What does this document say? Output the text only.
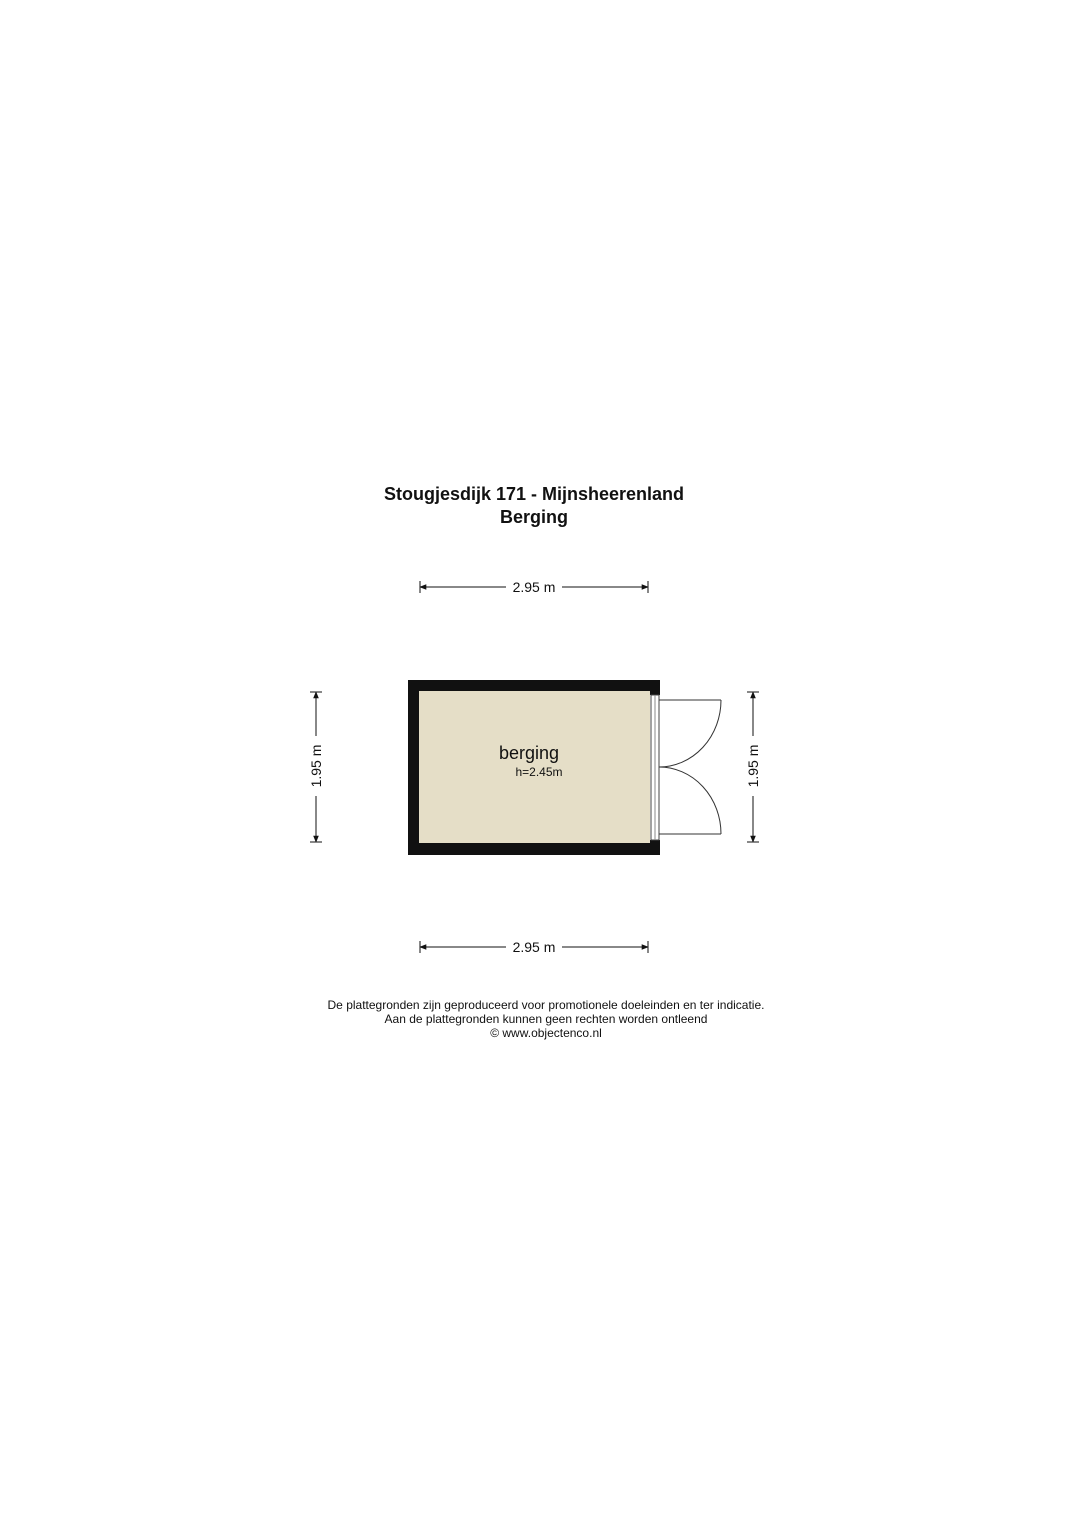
Stougjesdijk 171 - Mijnsheerenland
Berging
2.95 m
2.95 m
1.95 m	1.95 m
berging
h=2.45m
De plattegronden zijn geproduceerd voor promotionele doeleinden en ter indicatie.
Aan de plattegronden kunnen geen rechten worden ontleend
© www.objectenco.nl
